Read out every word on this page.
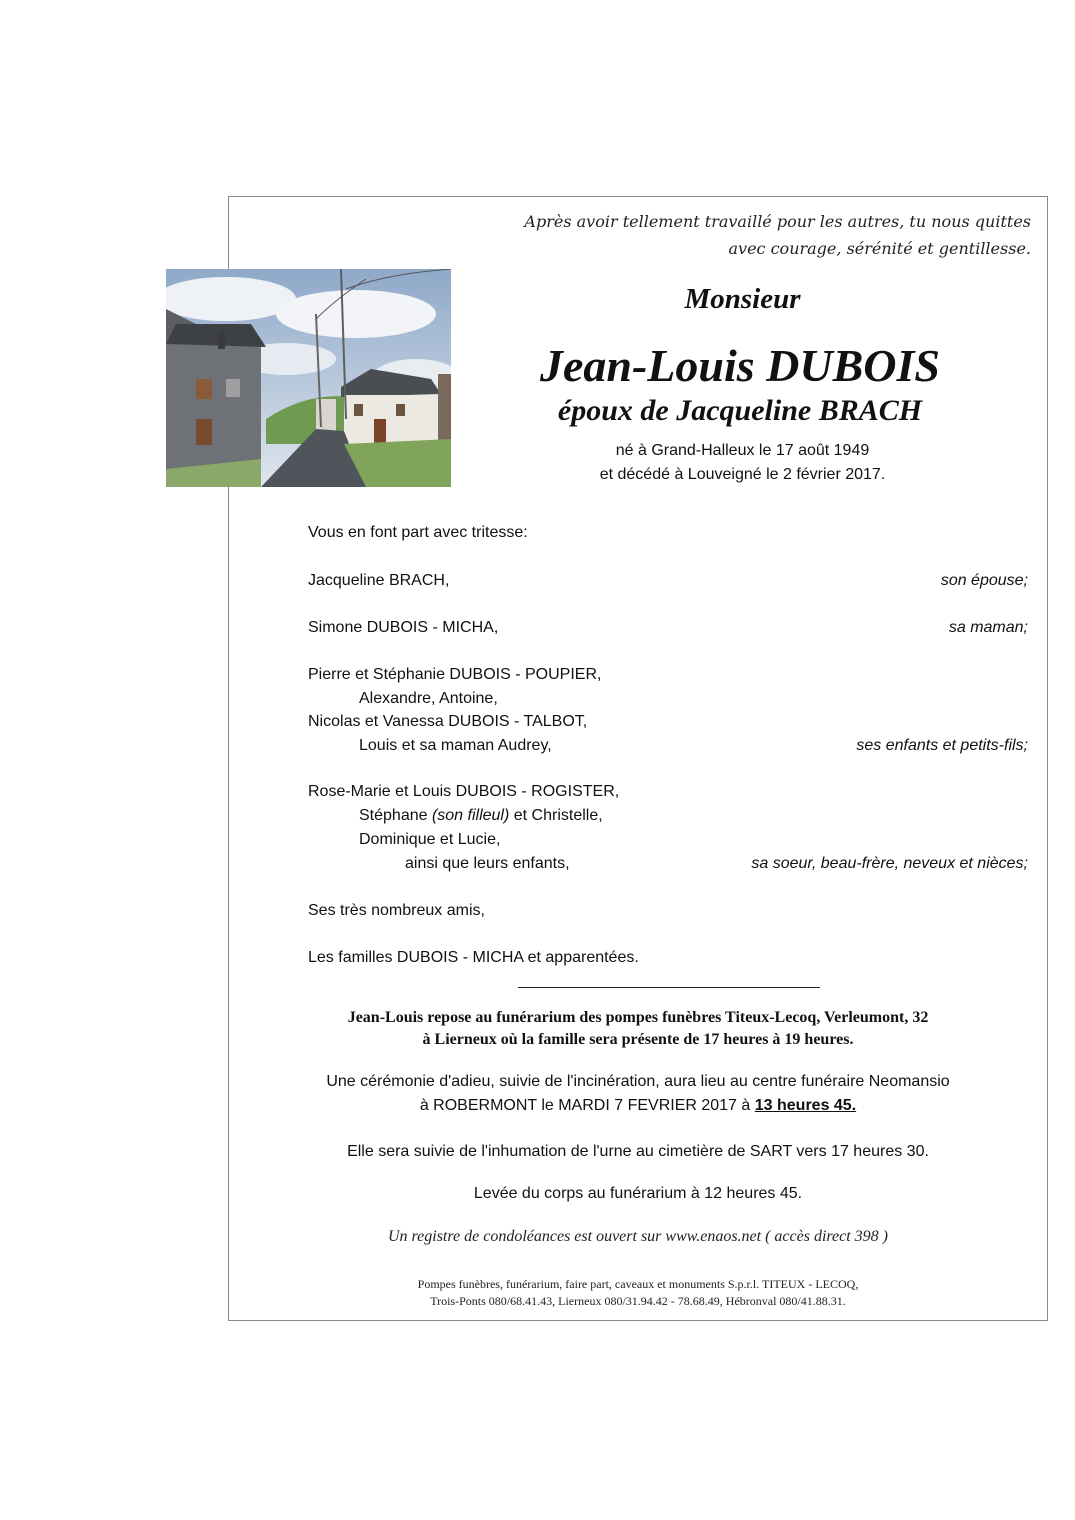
Après avoir tellement travaillé pour les autres, tu nous quittes
avec courage, sérénité et gentillesse.
Monsieur
Jean-Louis DUBOIS
époux de Jacqueline BRACH
né à Grand-Halleux le 17 août 1949
et décédé à Louveigné le 2 février 2017.
Vous en font part avec tritesse:
Jacqueline BRACH,	son épouse;
Simone DUBOIS - MICHA,	sa maman;
Pierre et Stéphanie DUBOIS - POUPIER,
Alexandre, Antoine,
Nicolas et Vanessa DUBOIS - TALBOT,
Louis et sa maman Audrey,	ses enfants et petits-fils;
Rose-Marie et Louis DUBOIS - ROGISTER,
Stéphane (son filleul) et Christelle,
Dominique et Lucie,
ainsi que leurs enfants,	sa soeur, beau-frère, neveux et nièces;
Ses très nombreux amis,
Les familles DUBOIS - MICHA et apparentées.
Jean-Louis repose au funérarium des pompes funèbres Titeux-Lecoq, Verleumont, 32
à Lierneux où la famille sera présente de 17 heures à 19 heures.
Une cérémonie d'adieu, suivie de l'incinération, aura lieu au centre funéraire Neomansio
à ROBERMONT le MARDI 7 FEVRIER 2017 à 13 heures 45.
Elle sera suivie de l'inhumation de l'urne au cimetière de SART vers 17 heures 30.
Levée du corps au funérarium à 12 heures 45.
Un registre de condoléances est ouvert sur www.enaos.net ( accès direct 398 )
Pompes funèbres, funérarium, faire part, caveaux et monuments S.p.r.l. TITEUX - LECOQ,
Trois-Ponts 080/68.41.43, Lierneux 080/31.94.42 - 78.68.49, Hébronval 080/41.88.31.
